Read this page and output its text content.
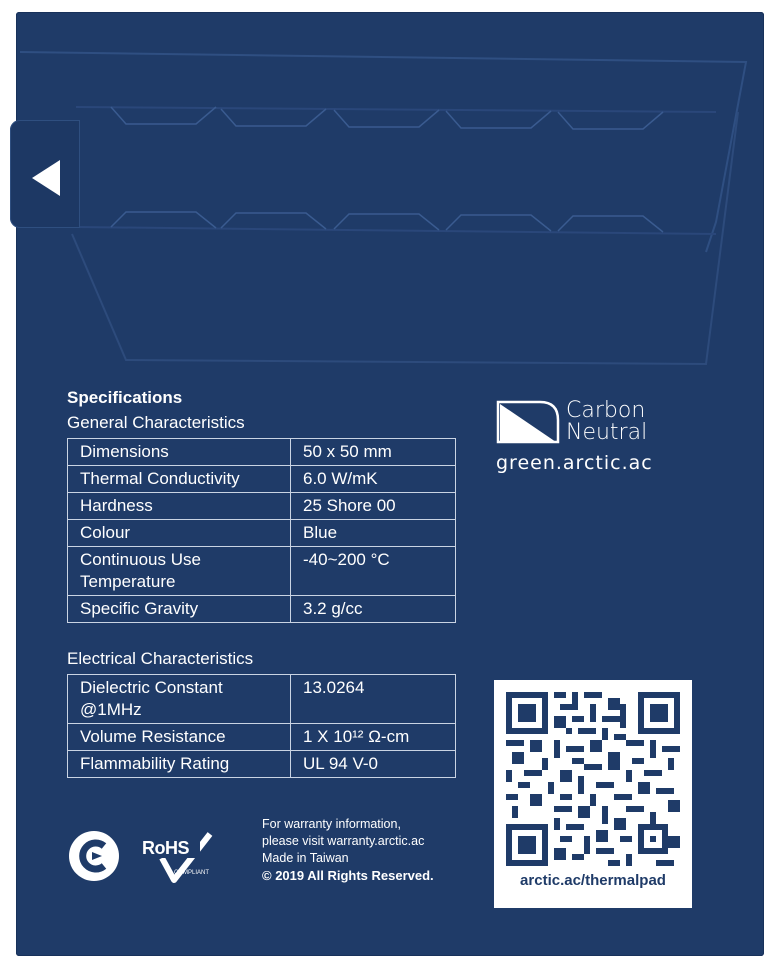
Specifications
General Characteristics
Dimensions	50 x 50 mm
Thermal Conductivity	6.0 W/mK
Hardness	25 Shore 00
Colour	Blue
Continuous Use Temperature	-40~200 °C
Specific Gravity	3.2 g/cc
Electrical Characteristics
Dielectric Constant @1MHz	13.0264
Volume Resistance	1 X 10¹² Ω-cm
Flammability Rating	UL 94 V-0
Carbon
Neutral
green.arctic.ac
arctic.ac/thermalpad
RoHS
COMPLIANT
For warranty information,
please visit warranty.arctic.ac
Made in Taiwan
© 2019 All Rights Reserved.
